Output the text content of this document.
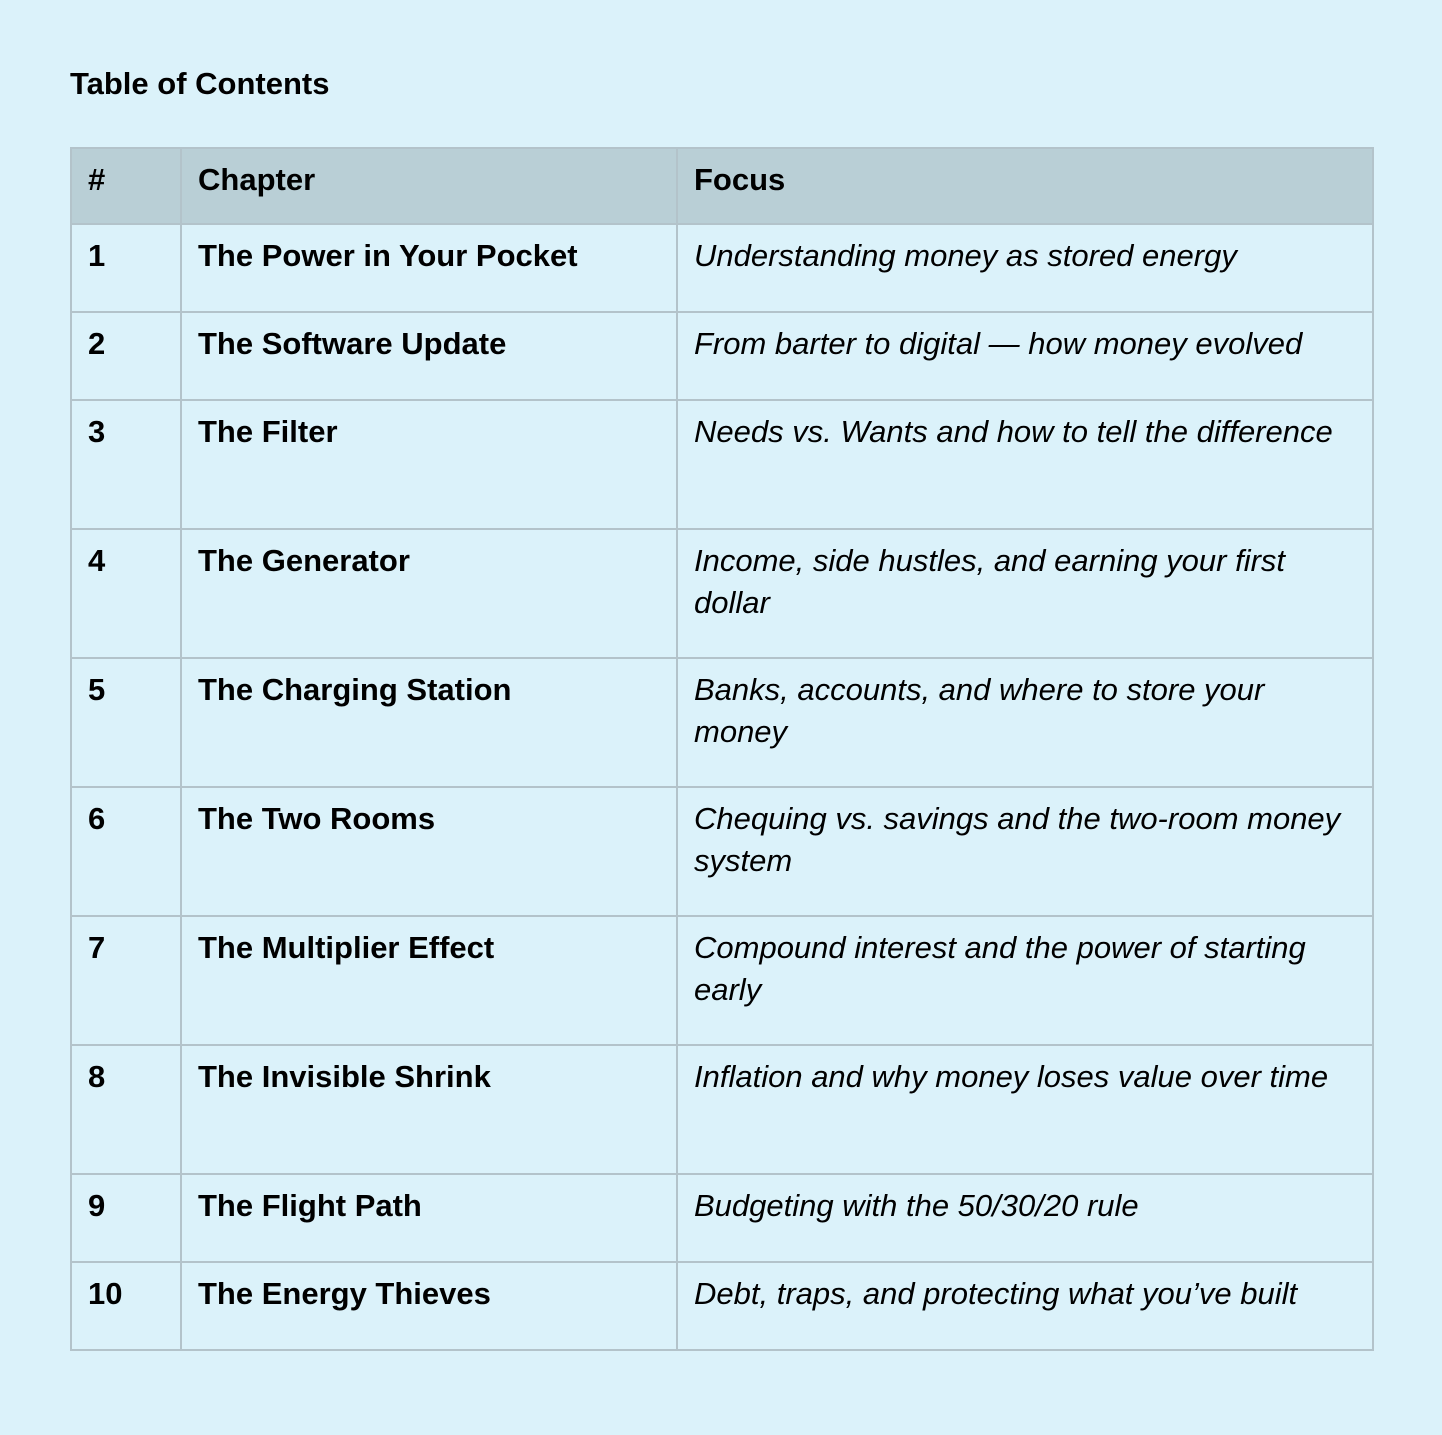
Table of Contents
#	Chapter	Focus
1	The Power in Your Pocket	Understanding money as stored energy
2	The Software Update	From barter to digital — how money evolved
3	The Filter	Needs vs. Wants and how to tell the difference
4	The Generator	Income, side hustles, and earning your first dollar
5	The Charging Station	Banks, accounts, and where to store your money
6	The Two Rooms	Chequing vs. savings and the two-room money system
7	The Multiplier Effect	Compound interest and the power of starting early
8	The Invisible Shrink	Inflation and why money loses value over time
9	The Flight Path	Budgeting with the 50/30/20 rule
10	The Energy Thieves	Debt, traps, and protecting what you’ve built
